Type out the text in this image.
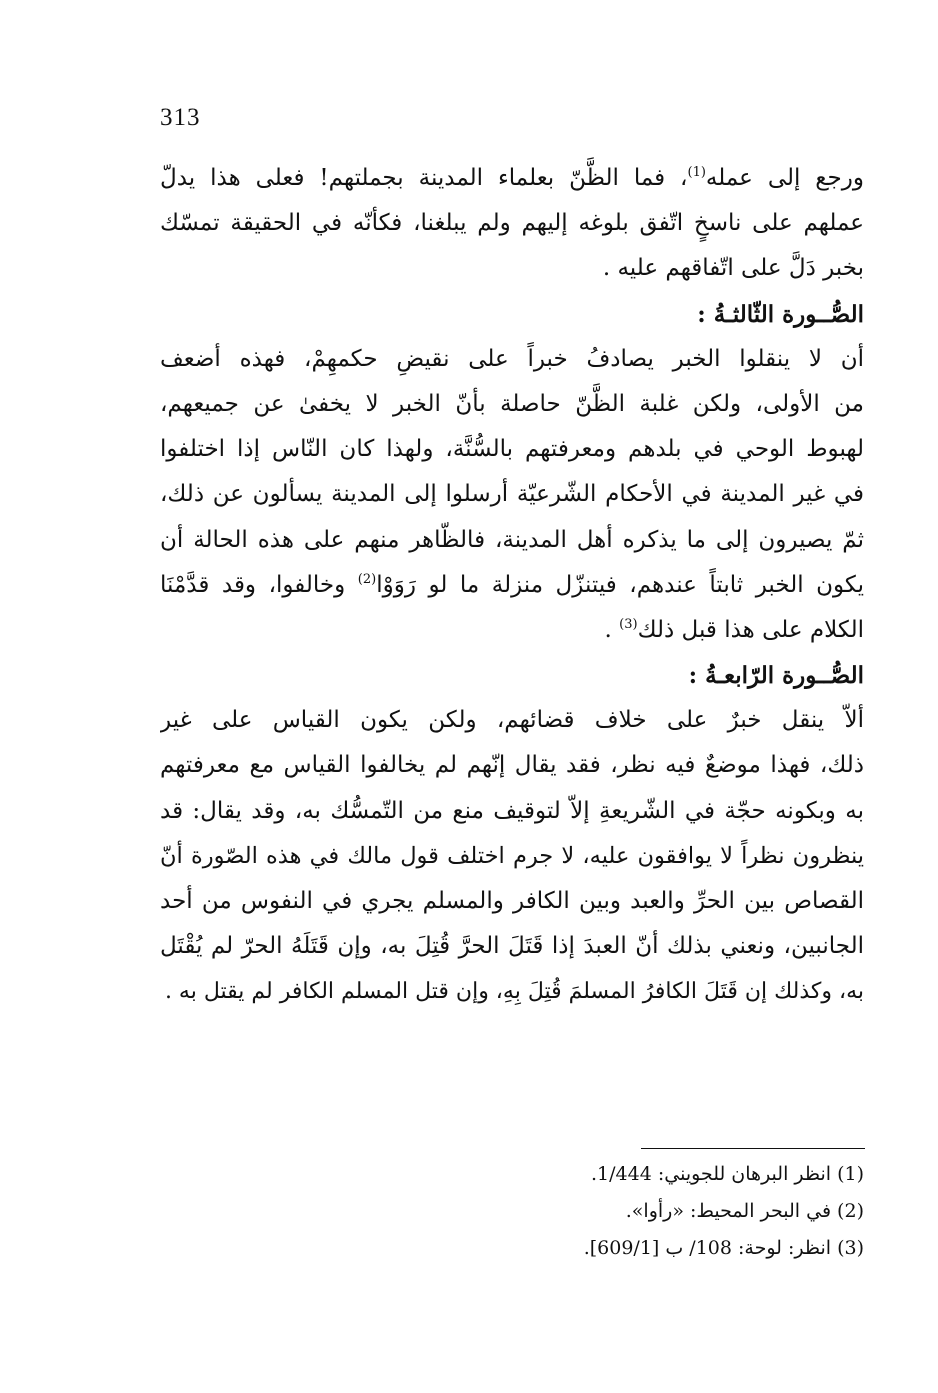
313
ورجع إلى عمله$^{(1)}$، فما الظَّنّ بعلماء المدينة بجملتهم! فعلى هذا يدلّ
عملهم على ناسخٍ اتّفق بلوغه إليهم ولم يبلغنا، فكأنّه في الحقيقة تمسّك
بخبر دَلَّ على اتّفاقهم عليه .
الصُّــورة الثّالثـةُ :
أن لا ينقلوا الخبر يصادفُ خبراً على نقيضِ حكمهِمْ، فهذه أضعف
من الأولى، ولكن غلبة الظَّنّ حاصلة بأنّ الخبر لا يخفىٰ عن جميعهم،
لهبوط الوحي في بلدهم ومعرفتهم بالسُّنَّة، ولهذا كان النّاس إذا اختلفوا
في غير المدينة في الأحكام الشّرعيّة أرسلوا إلى المدينة يسألون عن ذلك،
ثمّ يصيرون إلى ما يذكره أهل المدينة، فالظّاهر منهم على هذه الحالة أن
يكون الخبر ثابتاً عندهم، فيتنزّل منزلة ما لو رَوَوْا$^{(2)}$ وخالفوا، وقد قدَّمْنَا
الكلام على هذا قبل ذلك$^{(3)}$ .
الصُّــورة الرّابعـةُ :
ألاّ ينقل خبرٌ على خلاف قضائهم، ولكن يكون القياس على غير
ذلك، فهذا موضعٌ فيه نظر، فقد يقال إنّهم لم يخالفوا القياس مع معرفتهم
به وبكونه حجّة في الشّريعةِ إلاّ لتوقيف منع من التّمسُّك به، وقد يقال: قد
ينظرون نظراً لا يوافقون عليه، لا جرم اختلف قول مالك في هذه الصّورة أنّ
القصاص بين الحرِّ والعبد وبين الكافر والمسلم يجري في النفوس من أحد
الجانبين، ونعني بذلك أنّ العبدَ إذا قَتَلَ الحرَّ قُتِلَ به، وإن قَتَلَهُ الحرّ لم يُقْتَل
به، وكذلك إن قَتَلَ الكافرُ المسلمَ قُتِلَ بِهِ، وإن قتل المسلم الكافر لم يقتل به .
(1) انظر البرهان للجويني: 1/444.
(2) في البحر المحيط: «رأوا».
(3) انظر: لوحة: 108/ ب [609/1].
